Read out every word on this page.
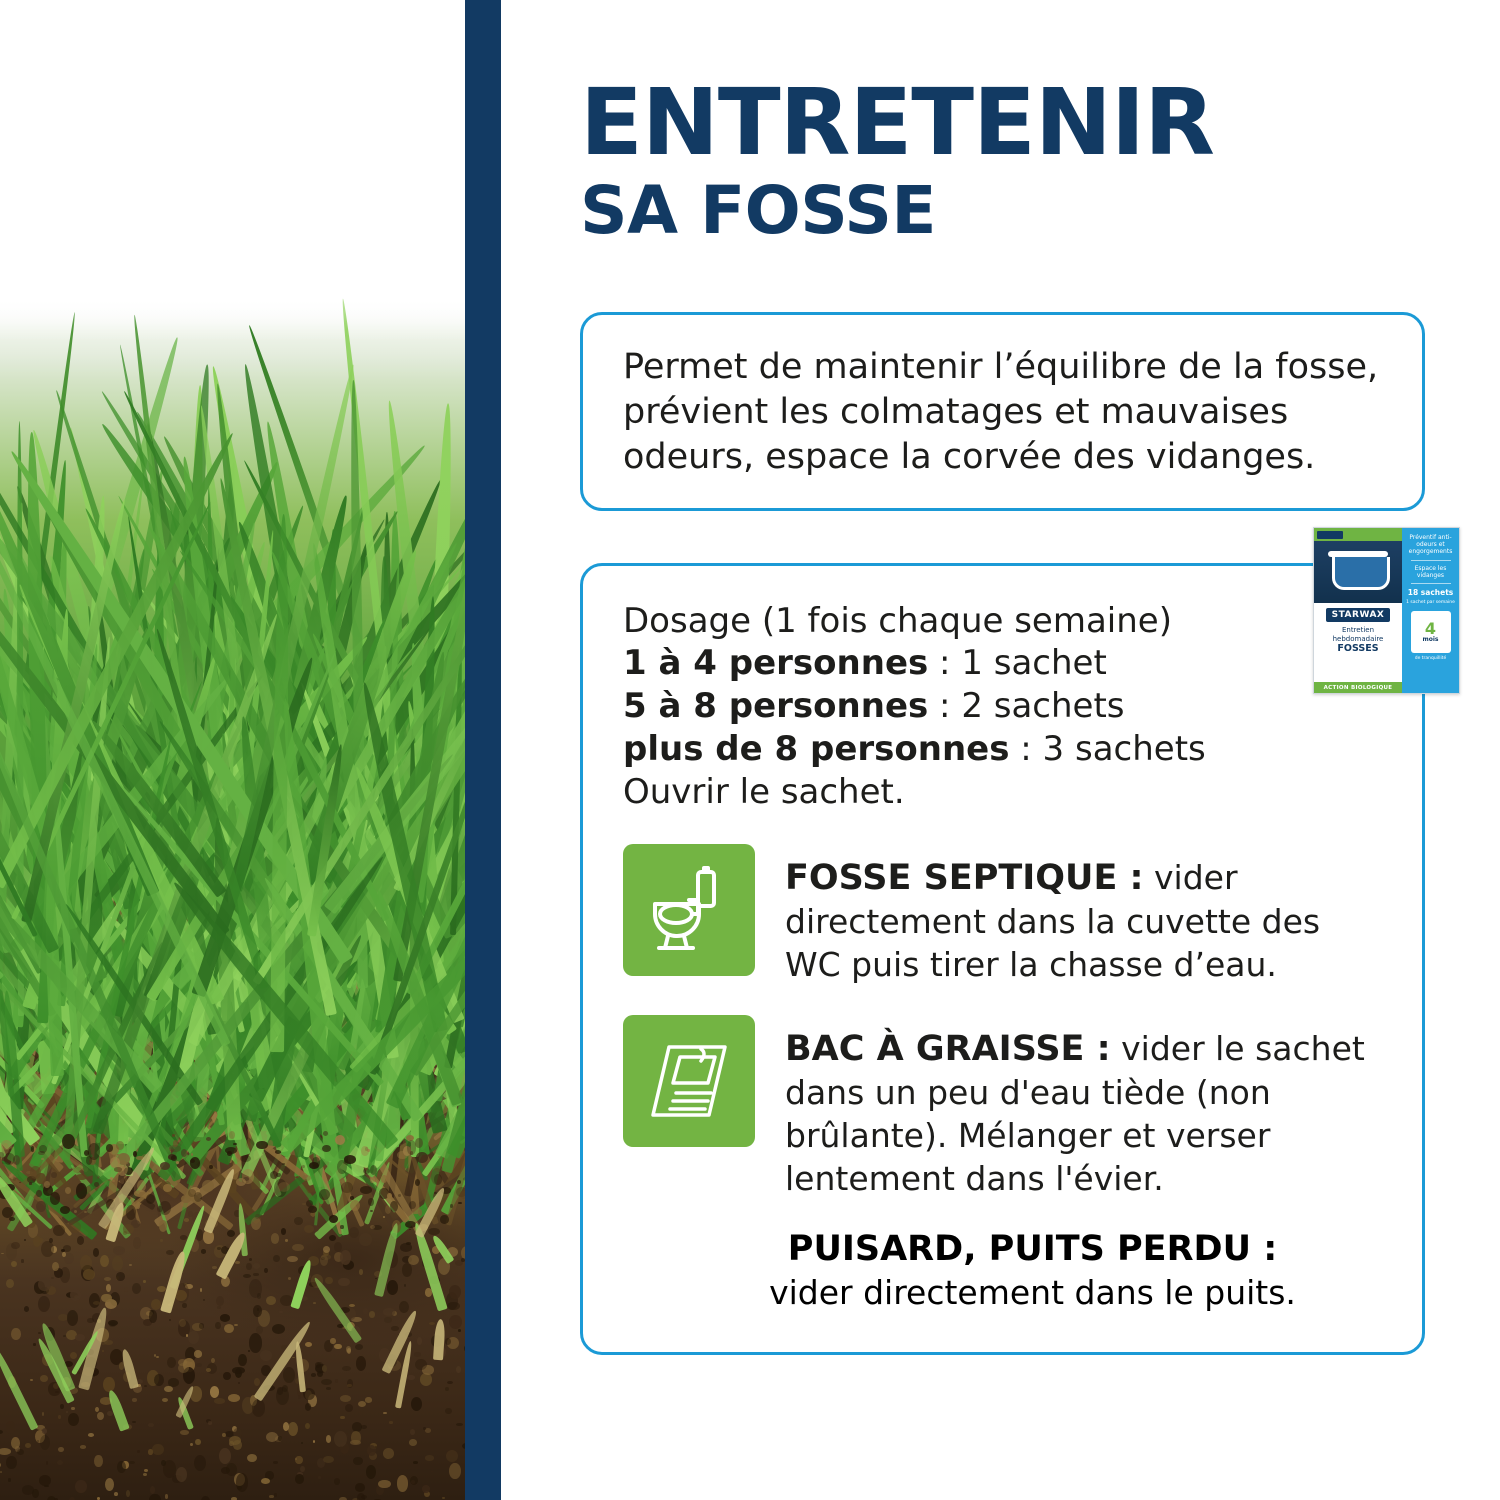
ENTRETENIR
SA FOSSE

Permet de maintenir l’équilibre de la fosse, prévient les colmatages et mauvaises odeurs, espace la corvée des vidanges.

Dosage (1 fois chaque semaine)
1 à 4 personnes : 1 sachet
5 à 8 personnes : 2 sachets
plus de 8 personnes : 3 sachets
Ouvrir le sachet.
FOSSE SEPTIQUE : vider directement dans la cuvette des WC puis tirer la chasse d’eau.
BAC À GRAISSE : vider le sachet dans un peu d'eau tiède (non brûlante). Mélanger et verser lentement dans l'évier.
PUISARD, PUITS PERDU :
vider directement dans le puits.
STARWAX
Entretien
hebdomadaire
FOSSES
ACTION BIOLOGIQUE
Préventif anti-odeurs et engorgements
Espace les vidanges
18 sachets
1 sachet par semaine
4
mois
de tranquillité
